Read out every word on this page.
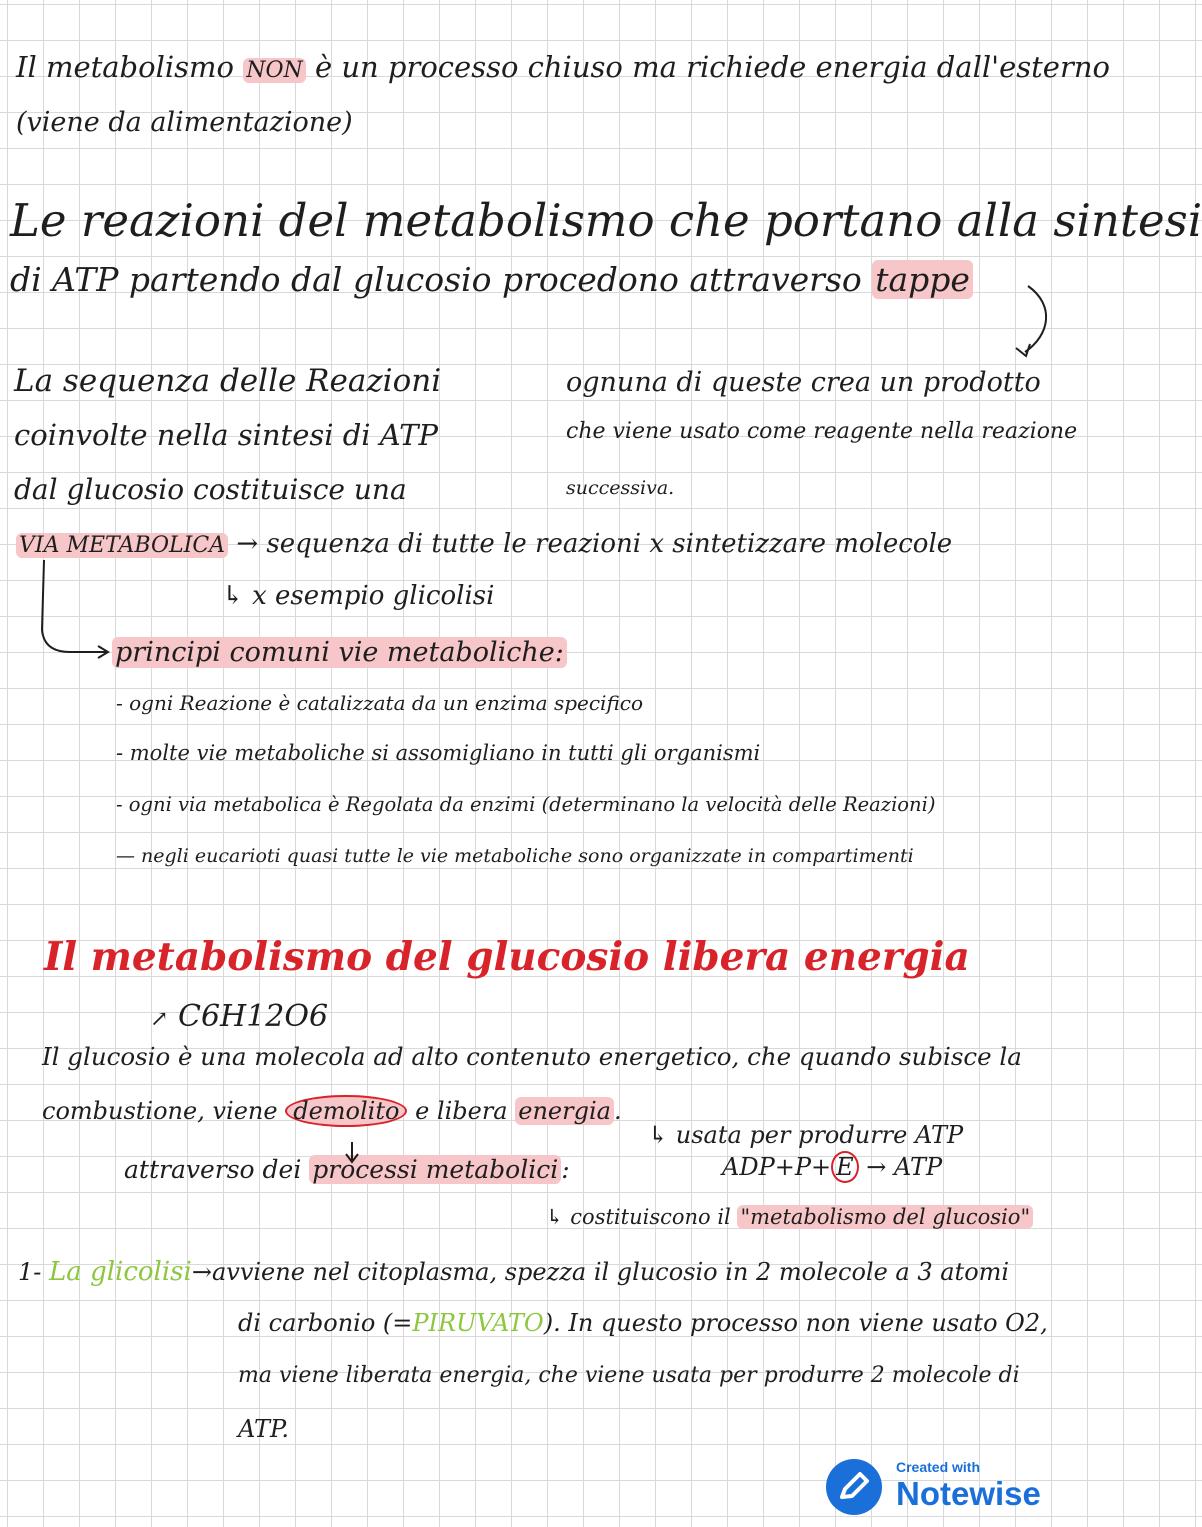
Il metabolismo NON è un processo chiuso ma richiede energia dall'esterno
(viene da alimentazione)
Le reazioni del metabolismo che portano alla sintesi
di ATP partendo dal glucosio procedono attraverso tappe
La sequenza delle Reazioni
coinvolte nella sintesi di ATP
dal glucosio costituisce una
ognuna di queste crea un prodotto
che viene usato come reagente nella reazione
successiva.
VIA METABOLICA → sequenza di tutte le reazioni x sintetizzare molecole
↳ x esempio glicolisi
principi comuni vie metaboliche:
- ogni Reazione è catalizzata da un enzima specifico
- molte vie metaboliche si assomigliano in tutti gli organismi
- ogni via metabolica è Regolata da enzimi (determinano la velocità delle Reazioni)
— negli eucarioti quasi tutte le vie metaboliche sono organizzate in compartimenti
Il metabolismo del glucosio libera energia
↗ C6H12O6
Il glucosio è una molecola ad alto contenuto energetico, che quando subisce la
combustione, viene demolito e libera energia .
↳ usata per produrre ATP
ADP+P+ E → ATP
attraverso dei processi metabolici :
↳ costituiscono il "metabolismo del glucosio"
1- La glicolisi→avviene nel citoplasma, spezza il glucosio in 2 molecole a 3 atomi
di carbonio (=PIRUVATO). In questo processo non viene usato O2,
ma viene liberata energia, che viene usata per produrre 2 molecole di
ATP.
Created with
Notewise
